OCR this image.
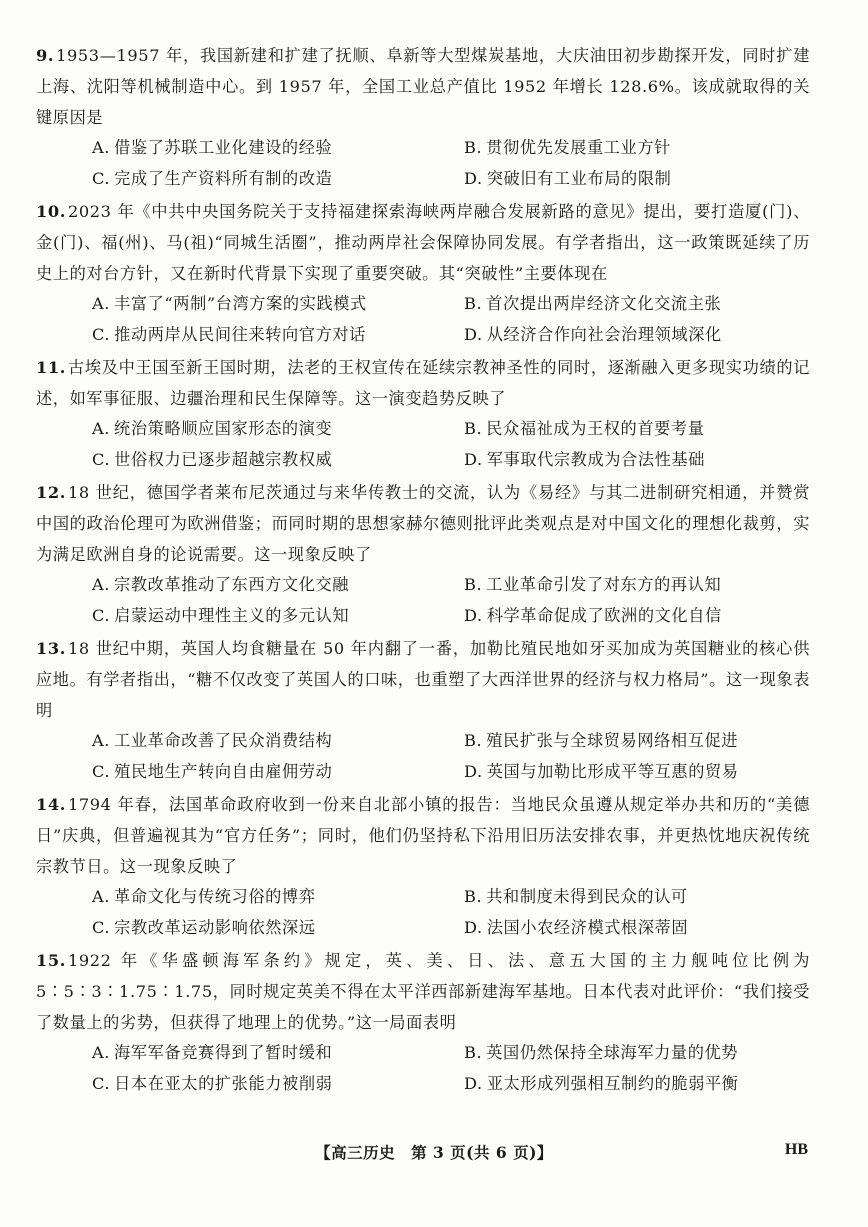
9. 1953—1957 年，我国新建和扩建了抚顺、阜新等大型煤炭基地，大庆油田初步勘探开发，同时扩建上海、沈阳等机械制造中心。到 1957 年，全国工业总产值比 1952 年增长 128.6%。该成就取得的关键原因是

A. 借鉴了苏联工业化建设的经验	B. 贯彻优先发展重工业方针
C. 完成了生产资料所有制的改造	D. 突破旧有工业布局的限制

10. 2023 年《中共中央国务院关于支持福建探索海峡两岸融合发展新路的意见》提出，要打造厦(门)、金(门)、福(州)、马(祖)“同城生活圈”，推动两岸社会保障协同发展。有学者指出，这一政策既延续了历史上的对台方针，又在新时代背景下实现了重要突破。其“突破性”主要体现在

A. 丰富了“两制”台湾方案的实践模式	B. 首次提出两岸经济文化交流主张
C. 推动两岸从民间往来转向官方对话	D. 从经济合作向社会治理领域深化

11. 古埃及中王国至新王国时期，法老的王权宣传在延续宗教神圣性的同时，逐渐融入更多现实功绩的记述，如军事征服、边疆治理和民生保障等。这一演变趋势反映了

A. 统治策略顺应国家形态的演变	B. 民众福祉成为王权的首要考量
C. 世俗权力已逐步超越宗教权威	D. 军事取代宗教成为合法性基础

12. 18 世纪，德国学者莱布尼茨通过与来华传教士的交流，认为《易经》与其二进制研究相通，并赞赏中国的政治伦理可为欧洲借鉴；而同时期的思想家赫尔德则批评此类观点是对中国文化的理想化裁剪，实为满足欧洲自身的论说需要。这一现象反映了

A. 宗教改革推动了东西方文化交融	B. 工业革命引发了对东方的再认知
C. 启蒙运动中理性主义的多元认知	D. 科学革命促成了欧洲的文化自信

13. 18 世纪中期，英国人均食糖量在 50 年内翻了一番，加勒比殖民地如牙买加成为英国糖业的核心供应地。有学者指出，“糖不仅改变了英国人的口味，也重塑了大西洋世界的经济与权力格局”。这一现象表明

A. 工业革命改善了民众消费结构	B. 殖民扩张与全球贸易网络相互促进
C. 殖民地生产转向自由雇佣劳动	D. 英国与加勒比形成平等互惠的贸易

14. 1794 年春，法国革命政府收到一份来自北部小镇的报告：当地民众虽遵从规定举办共和历的“美德日”庆典，但普遍视其为“官方任务”；同时，他们仍坚持私下沿用旧历法安排农事，并更热忱地庆祝传统宗教节日。这一现象反映了

A. 革命文化与传统习俗的博弈	B. 共和制度未得到民众的认可
C. 宗教改革运动影响依然深远	D. 法国小农经济模式根深蒂固

15. 1922 年《华盛顿海军条约》规定，英、美、日、法、意五大国的主力舰吨位比例为 5∶5∶3∶1.75∶1.75，同时规定英美不得在太平洋西部新建海军基地。日本代表对此评价：“我们接受了数量上的劣势，但获得了地理上的优势。”这一局面表明

A. 海军军备竞赛得到了暂时缓和	B. 英国仍然保持全球海军力量的优势
C. 日本在亚太的扩张能力被削弱	D. 亚太形成列强相互制约的脆弱平衡
【高三历史　第 3 页(共 6 页)】	HB
